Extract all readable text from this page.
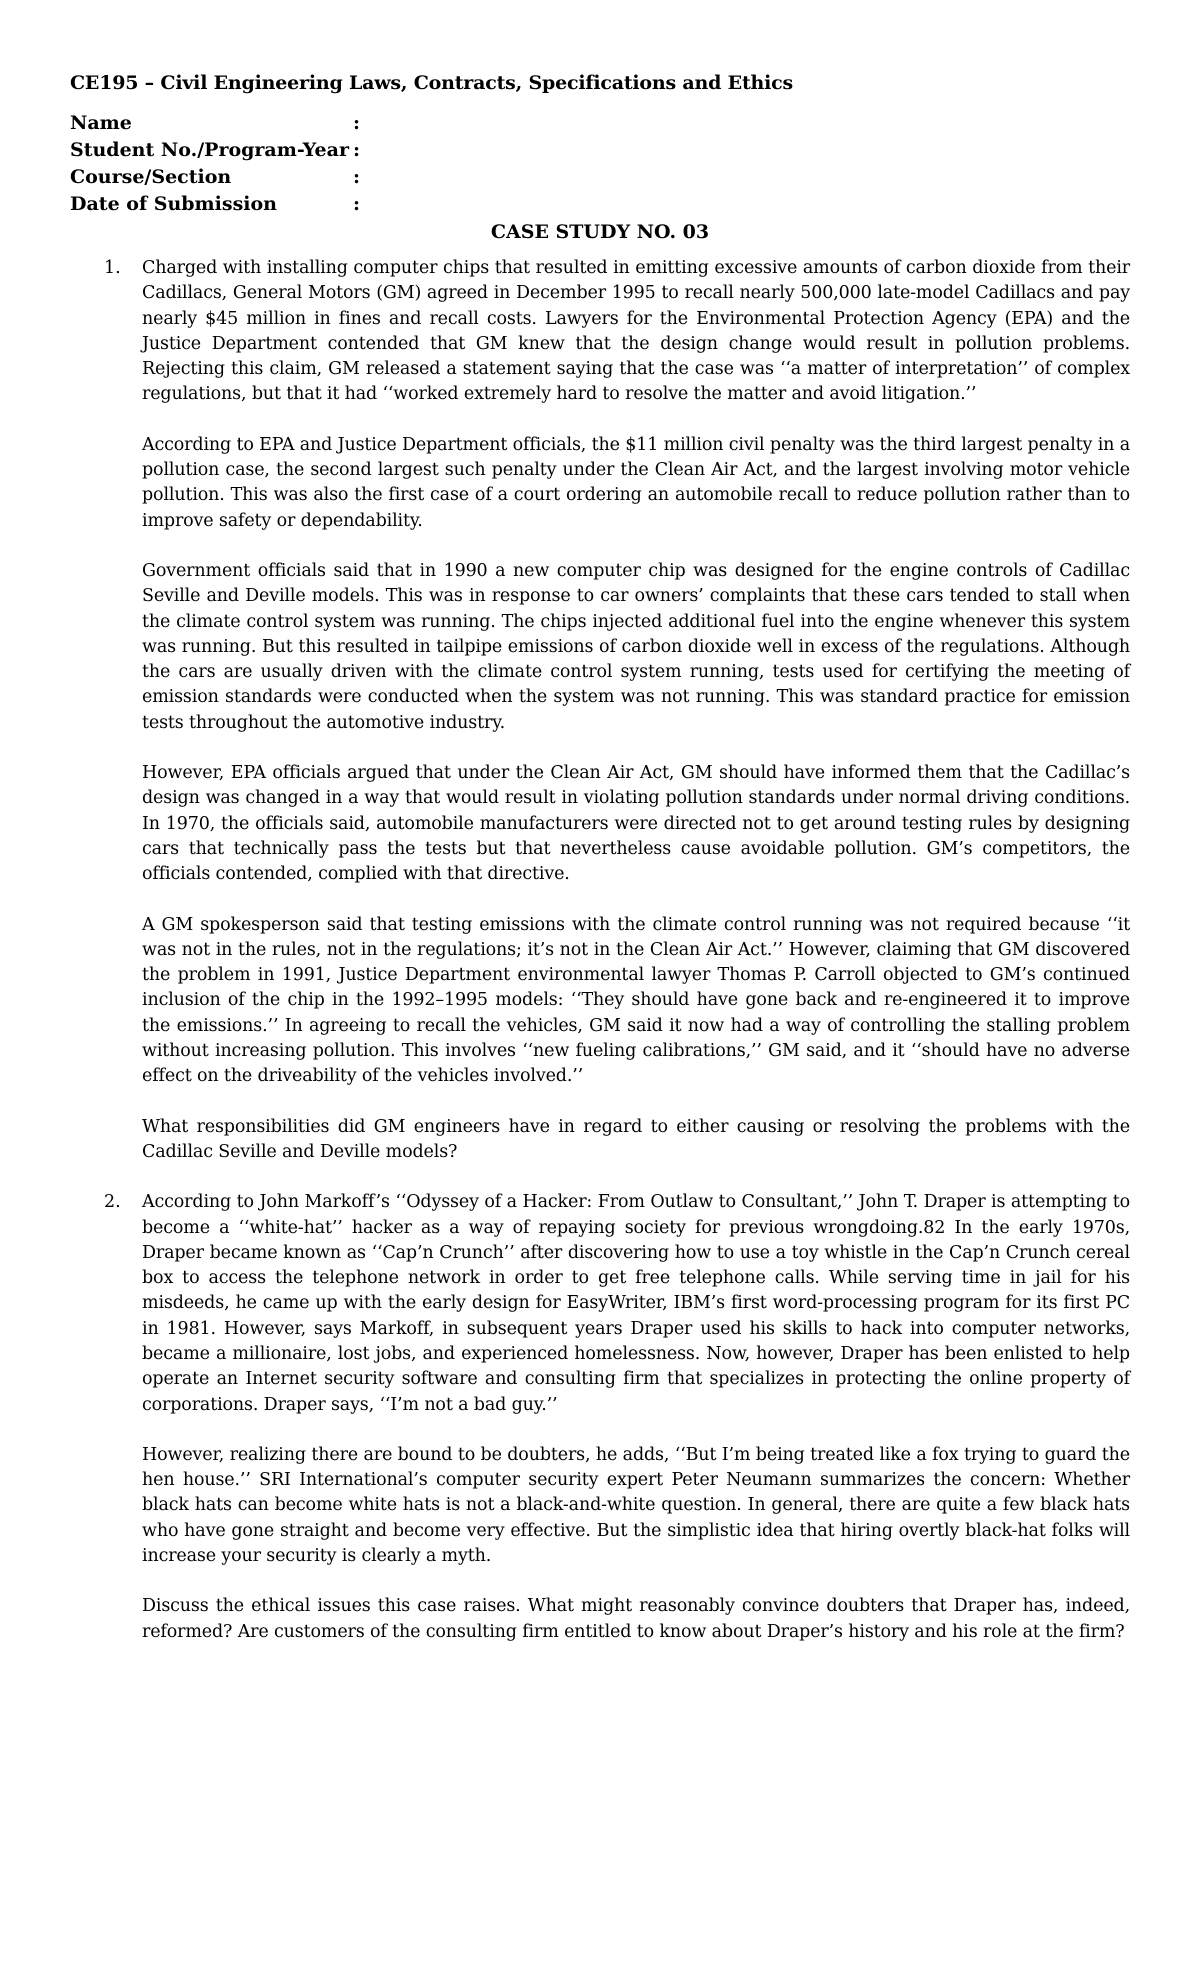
CE195 – Civil Engineering Laws, Contracts, Specifications and Ethics
Name	:
Student No./Program-Year	:
Course/Section	:
Date of Submission	:
CASE STUDY NO. 03
1. Charged with installing computer chips that resulted in emitting excessive amounts of carbon dioxide from their Cadillacs, General Motors (GM) agreed in December 1995 to recall nearly 500,000 late-model Cadillacs and pay nearly $45 million in fines and recall costs. Lawyers for the Environmental Protection Agency (EPA) and the Justice Department contended that GM knew that the design change would result in pollution problems. Rejecting this claim, GM released a statement saying that the case was ‘‘a matter of interpretation’’ of complex regulations, but that it had ‘‘worked extremely hard to resolve the matter and avoid litigation.’’

According to EPA and Justice Department officials, the $11 million civil penalty was the third largest penalty in a pollution case, the second largest such penalty under the Clean Air Act, and the largest involving motor vehicle pollution. This was also the first case of a court ordering an automobile recall to reduce pollution rather than to improve safety or dependability.

Government officials said that in 1990 a new computer chip was designed for the engine controls of Cadillac Seville and Deville models. This was in response to car owners’ complaints that these cars tended to stall when the climate control system was running. The chips injected additional fuel into the engine whenever this system was running. But this resulted in tailpipe emissions of carbon dioxide well in excess of the regulations. Although the cars are usually driven with the climate control system running, tests used for certifying the meeting of emission standards were conducted when the system was not running. This was standard practice for emission tests throughout the automotive industry.

However, EPA officials argued that under the Clean Air Act, GM should have informed them that the Cadillac’s design was changed in a way that would result in violating pollution standards under normal driving conditions. In 1970, the officials said, automobile manufacturers were directed not to get around testing rules by designing cars that technically pass the tests but that nevertheless cause avoidable pollution. GM’s competitors, the officials contended, complied with that directive.

A GM spokesperson said that testing emissions with the climate control running was not required because ‘‘it was not in the rules, not in the regulations; it’s not in the Clean Air Act.’’ However, claiming that GM discovered the problem in 1991, Justice Department environmental lawyer Thomas P. Carroll objected to GM’s continued inclusion of the chip in the 1992–1995 models: ‘‘They should have gone back and re-engineered it to improve the emissions.’’ In agreeing to recall the vehicles, GM said it now had a way of controlling the stalling problem without increasing pollution. This involves ‘‘new fueling calibrations,’’ GM said, and it ‘‘should have no adverse effect on the driveability of the vehicles involved.’’

What responsibilities did GM engineers have in regard to either causing or resolving the problems with the Cadillac Seville and Deville models?

2. According to John Markoff’s ‘‘Odyssey of a Hacker: From Outlaw to Consultant,’’ John T. Draper is attempting to become a ‘‘white-hat’’ hacker as a way of repaying society for previous wrongdoing.82 In the early 1970s, Draper became known as ‘‘Cap’n Crunch’’ after discovering how to use a toy whistle in the Cap’n Crunch cereal box to access the telephone network in order to get free telephone calls. While serving time in jail for his misdeeds, he came up with the early design for EasyWriter, IBM’s first word-processing program for its first PC in 1981. However, says Markoff, in subsequent years Draper used his skills to hack into computer networks, became a millionaire, lost jobs, and experienced homelessness. Now, however, Draper has been enlisted to help operate an Internet security software and consulting firm that specializes in protecting the online property of corporations. Draper says, ‘‘I’m not a bad guy.’’

However, realizing there are bound to be doubters, he adds, ‘‘But I’m being treated like a fox trying to guard the hen house.’’ SRI International’s computer security expert Peter Neumann summarizes the concern: Whether black hats can become white hats is not a black-and-white question. In general, there are quite a few black hats who have gone straight and become very effective. But the simplistic idea that hiring overtly black-hat folks will increase your security is clearly a myth.

Discuss the ethical issues this case raises. What might reasonably convince doubters that Draper has, indeed, reformed? Are customers of the consulting firm entitled to know about Draper’s history and his role at the firm?
